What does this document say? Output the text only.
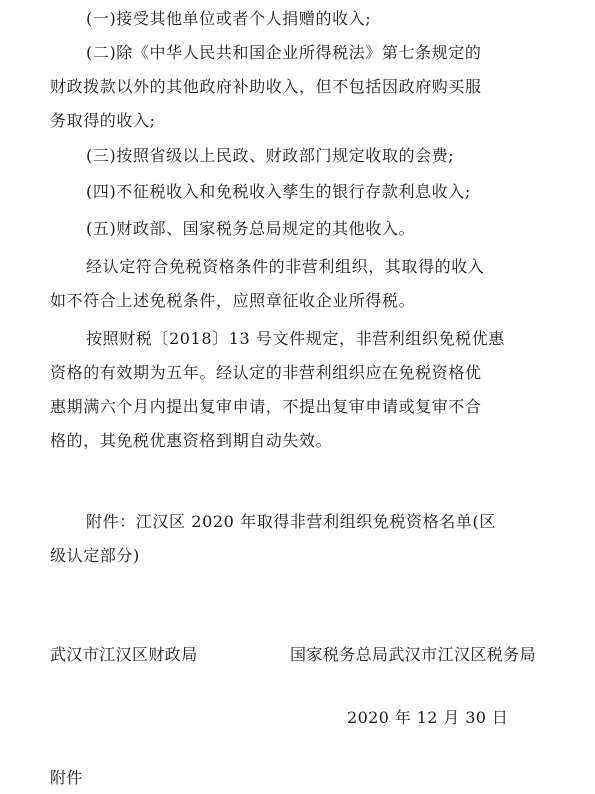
(一)接受其他单位或者个人捐赠的收入;

(二)除《中华人民共和国企业所得税法》第七条规定的
财政拨款以外的其他政府补助收入，但不包括因政府购买服
务取得的收入;

(三)按照省级以上民政、财政部门规定收取的会费;

(四)不征税收入和免税收入孳生的银行存款利息收入;

(五)财政部、国家税务总局规定的其他收入。

经认定符合免税资格条件的非营利组织，其取得的收入
如不符合上述免税条件，应照章征收企业所得税。

按照财税〔2018〕13 号文件规定，非营利组织免税优惠
资格的有效期为五年。经认定的非营利组织应在免税资格优
惠期满六个月内提出复审申请，不提出复审申请或复审不合
格的，其免税优惠资格到期自动失效。

附件：江汉区 2020 年取得非营利组织免税资格名单(区
级认定部分)

武汉市江汉区财政局	国家税务总局武汉市江汉区税务局
2020 年 12 月 30 日
附件
